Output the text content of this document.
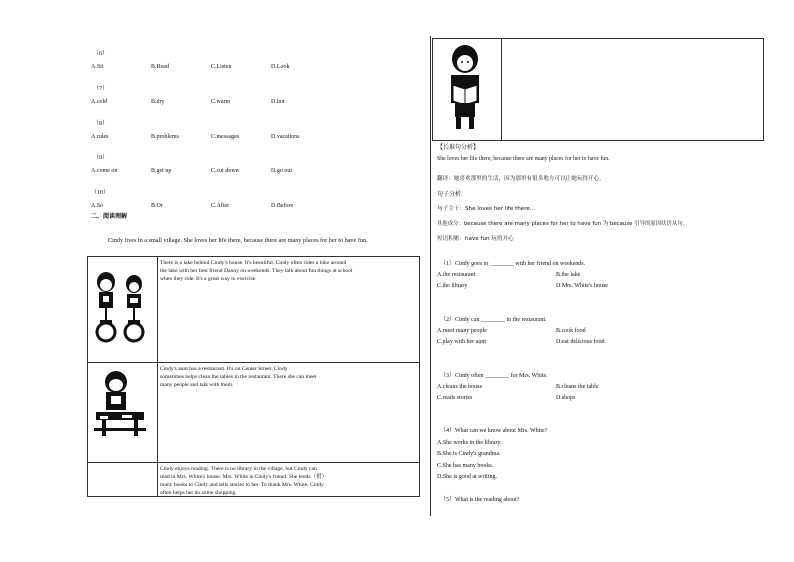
（6）
A.Sit	B.Read	C.Listen	D.Look
（7）
A.cold	B.dry	C.warm	D.hot
（8）
A.rules	B.problems	C.messages	D.vacations
（9）
A.come on	B.get up	C.cut down	D.go out
（10）
A.So	B.Or	C.After	D.Before
二、阅读理解
Cindy lives in a small village. She loves her life there, because there are many places for her to have fun.
There is a lake behind Cindy's house. It's beautiful. Cindy often rides a bike around
the lake with her best friend Danny on weekends. They talk about fun things at school
when they ride. It's a great way to exercise.
Cindy's aunt has a restaurant. It's on Center Street. Cindy
sometimes helps clean the tables in the restaurant. There she can meet
many people and talk with them.
Cindy enjoys reading. There is no library in the village, but Cindy can
read in Mrs. White's house. Mrs. White is Cindy's friend. She lends（借）
many books to Cindy and tells stories to her. To thank Mrs. White, Cindy
often helps her do some shopping.
【长难句分析】
She loves her life there, because there are many places for her to have fun.
翻译：她喜欢那里的生活，因为那里有很多地方可以让她玩得开心。
句子分析
句子主干：She loves her life there...
其他成分：because there are many places for her to have fun 为 because 引导的原因状语从句。
短语积累：have fun 玩得开心
（1）Cindy goes to ________ with her friend on weekends.
A.the restaurant	B.the lake
C.the library	D.Mrs. White's house
（2）Cindy can ________ in the restaurant.
A.meet many people	B.cook food
C.play with her aunt	D.eat delicious food
（3）Cindy often ________ for Mrs. White.
A.cleans the house	B.cleans the table
C.reads stories	D.shops
（4）What can we know about Mrs. White?
A.She works in the library.
B.She is Cindy's grandma.
C.She has many books.
D.She is good at writing.
（5）What is the reading about?
